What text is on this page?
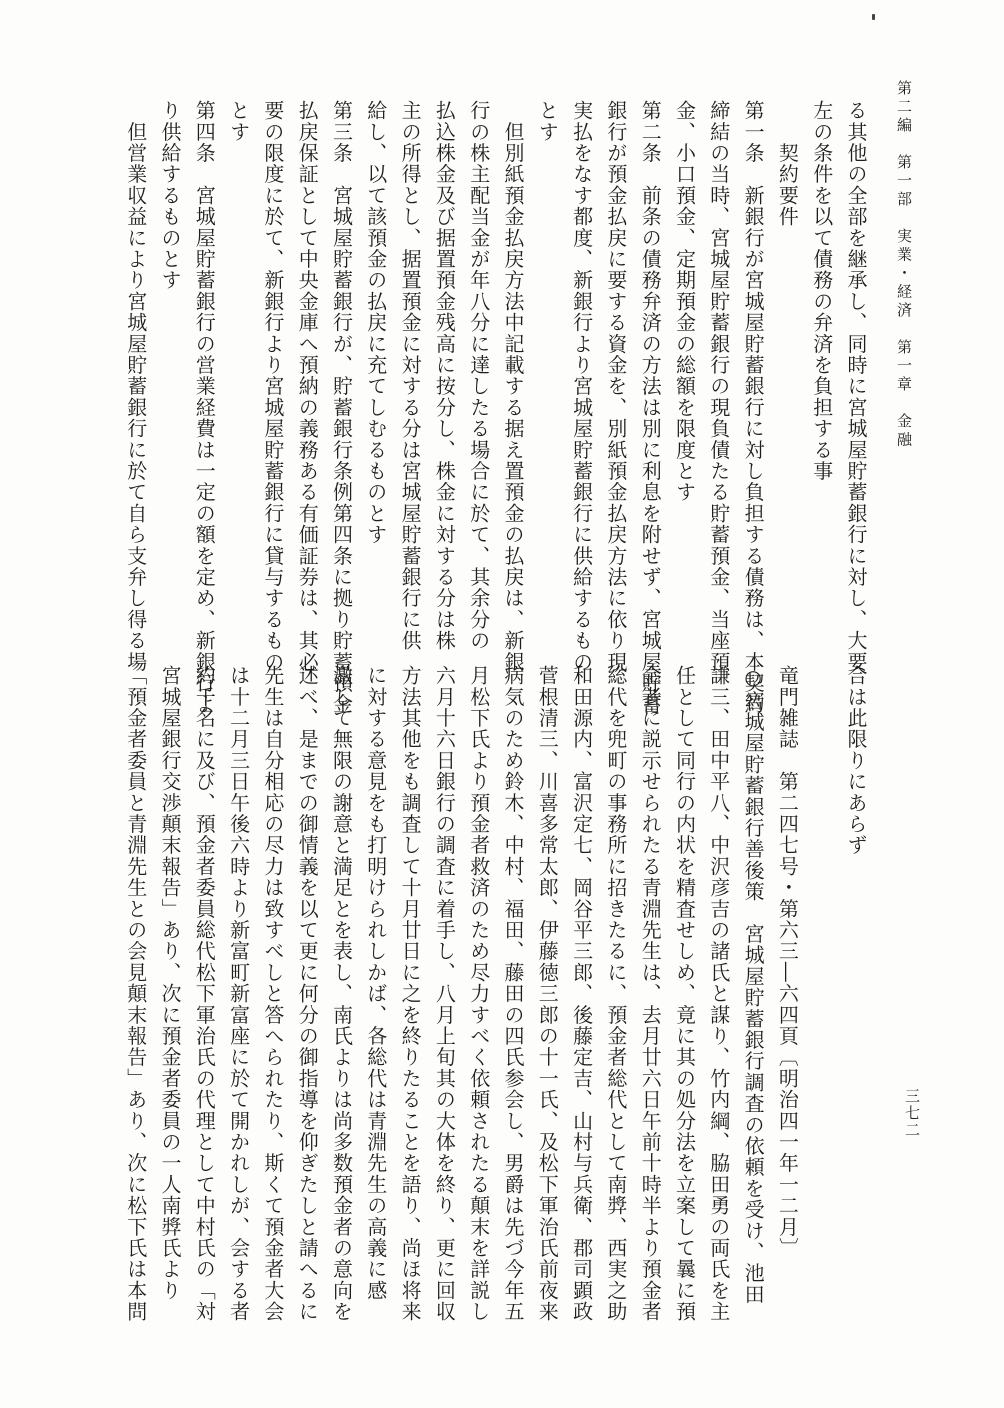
第二編　第一部　実業・経済　第一章　金融
三七二
る其他の全部を継承し、同時に宮城屋貯蓄銀行に対し、大要
左の条件を以て債務の弁済を負担する事
　　契約要件
第一条　新銀行が宮城屋貯蓄銀行に対し負担する債務は、本契約
締結の当時、宮城屋貯蓄銀行の現負債たる貯蓄預金、当座預
金、小口預金、定期預金の総額を限度とす
第二条　前条の債務弁済の方法は別に利息を附せず、宮城屋貯蓄
銀行が預金払戻に要する資金を、別紙預金払戻方法に依り現
実払をなす都度、新銀行より宮城屋貯蓄銀行に供給するもの
とす
　但別紙預金払戻方法中記載する据え置預金の払戻は、新銀
行の株主配当金が年八分に達したる場合に於て、其余分の
払込株金及び据置預金残高に按分し、株金に対する分は株
主の所得とし、据置預金に対する分は宮城屋貯蓄銀行に供
給し、以て該預金の払戻に充てしむるものとす
第三条　宮城屋貯蓄銀行が、貯蓄銀行条例第四条に拠り貯蓄預金
払戻保証として中央金庫へ預納の義務ある有価証券は、其必
要の限度に於て、新銀行より宮城屋貯蓄銀行に貸与するもの
とす
第四条　宮城屋貯蓄銀行の営業経費は一定の額を定め、新銀行よ
り供給するものとす
　但営業収益により宮城屋貯蓄銀行に於て自ら支弁し得る場
合は此限りにあらず
竜門雑誌　第二四七号・第六三―六四頁〔明治四一年一二月〕
○宮城屋貯蓄銀行善後策　宮城屋貯蓄銀行調査の依頼を受け、池田
謙三、田中平八、中沢彦吉の諸氏と謀り、竹内綱、脇田勇の両氏を主
任として同行の内状を精査せしめ、竟に其の処分法を立案して曩に預
金者に説示せられたる青淵先生は、去月廿六日午前十時半より預金者
総代を兜町の事務所に招きたるに、預金者総代として南㢡、西実之助
和田源内、富沢定七、岡谷平三郎、後藤定吉、山村与兵衛、郡司顕政
菅根清三、川喜多常太郎、伊藤徳三郎の十一氏、及松下軍治氏前夜来
病気のため鈴木、中村、福田、藤田の四氏参会し、男爵は先づ今年五
月松下氏より預金者救済のため尽力すべく依頼されたる顛末を詳説し
六月十六日銀行の調査に着手し、八月上旬其の大体を終り、更に回収
方法其他をも調査して十月廿日に之を終りたることを語り、尚ほ将来
に対する意見をも打明けられしかば、各総代は青淵先生の高義に感
激して無限の謝意と満足とを表し、南氏よりは尚多数預金者の意向を
述べ、是までの御情義を以て更に何分の御指導を仰ぎたしと請へるに
先生は自分相応の尽力は致すべしと答へられたり、斯くて預金者大会
は十二月三日午後六時より新富町新富座に於て開かれしが、会する者
約千名に及び、預金者委員総代松下軍治氏の代理として中村氏の「対
宮城屋銀行交渉顛末報告」あり、次に預金者委員の一人南㢡氏より
「預金者委員と青淵先生との会見顛末報告」あり、次に松下氏は本問
